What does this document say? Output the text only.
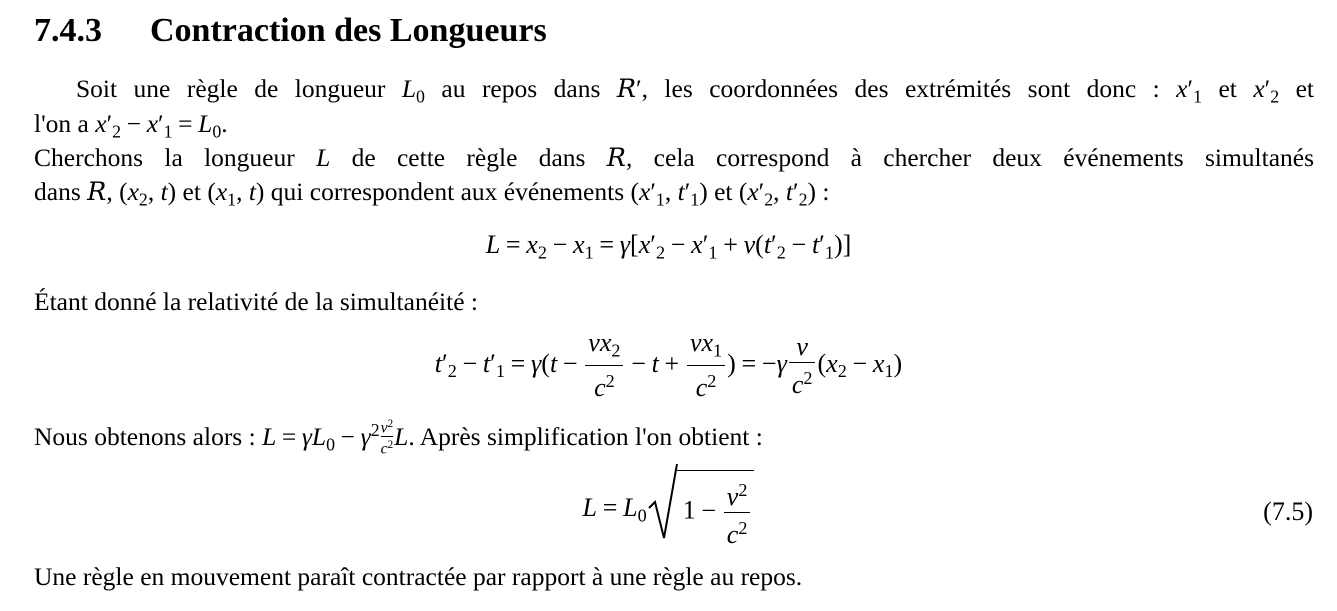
7.4.3 Contraction des Longueurs
Soit une règle de longueur $L_0$ au repos dans R′, les coordonnées des extrémités sont donc : $x'_1$ et $x'_2$ et
l'on a $x'_2 - x'_1 = L_0$.
Cherchons la longueur L de cette règle dans R, cela correspond à chercher deux événements simultanés
dans R, ($x_2$, t) et ($x_1$, t) qui correspondent aux événements ($x'_1$, $t'_1$) et ($x'_2$, $t'_2$) :
$L = x_2 - x_1 = \gamma[x'_2 - x'_1 + v(t'_2 - t'_1)]$
Étant donné la relativité de la simultanéité :
$t'_2 - t'_1 = \gamma(t - \frac{vx_2}{c^2} - t + \frac{vx_1}{c^2}$ ) = $-\gamma \frac{v}{c^2} (x_2 - x_1)$
Nous obtenons alors : $L = \gamma L_0 - \gamma^2 \frac{v^2}{c^2} L$. Après simplification l'on obtient :
$L = L_0$ $1 - \frac{v^2}{c^2}$	(7.5)
Une règle en mouvement paraît contractée par rapport à une règle au repos.
